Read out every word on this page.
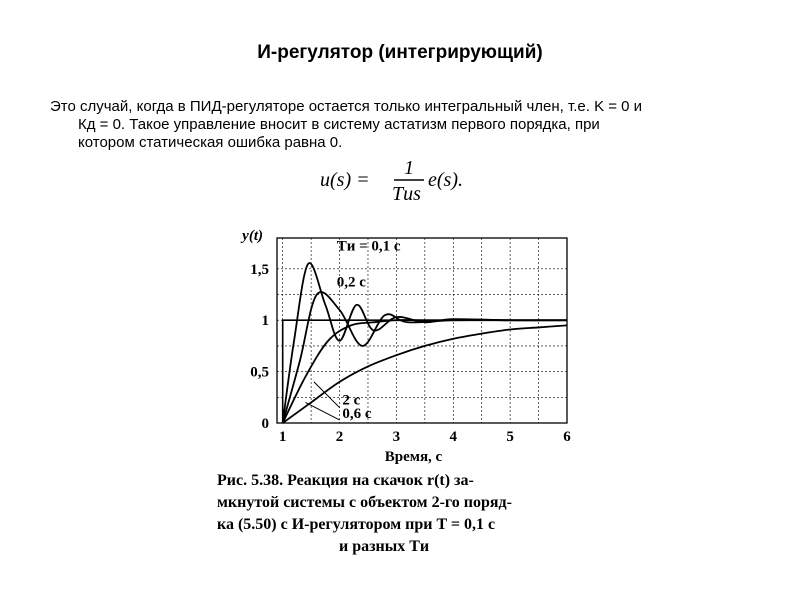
И-регулятор (интегрирующий)
Это случай, когда в ПИД-регуляторе остается только интегральный член, т.е. K = 0 и
Кд = 0. Такое управление вносит в систему астатизм первого порядка, при
котором статическая ошибка равна 0.
u(s) =
1
Tиs
e(s).
0
0,5
1
1,5
1	2	3	4	5	6
y(t)
Время, с
Tи = 0,1 с
0,2 с
2 с
0,6 с
Рис. 5.38. Реакция на скачок r(t) за-
мкнутой системы с объектом 2-го поряд-
ка (5.50) с И-регулятором при T = 0,1 с
и разных Tи
